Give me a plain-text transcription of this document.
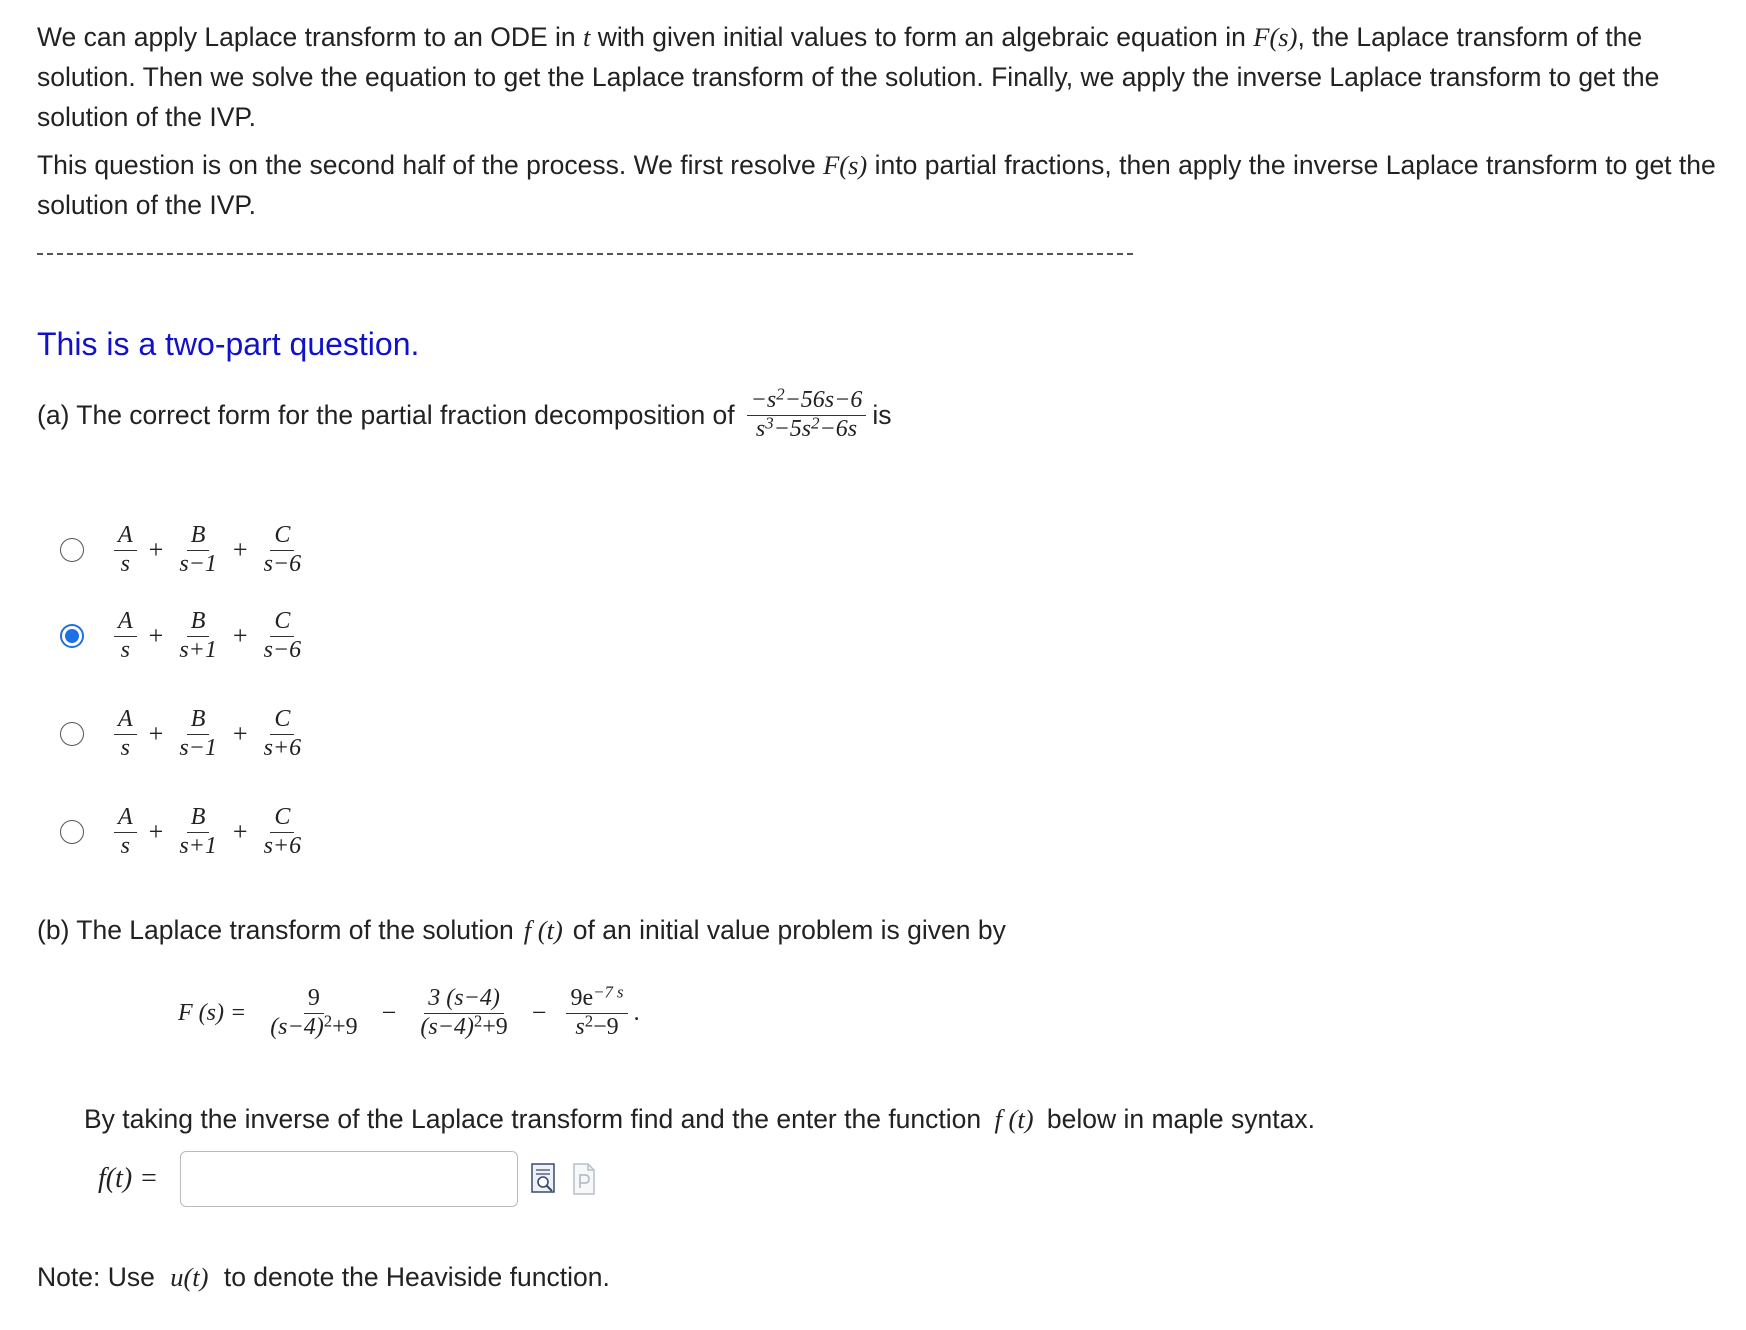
We can apply Laplace transform to an ODE in t with given initial values to form an algebraic equation in F(s), the Laplace transform of the solution. Then we solve the equation to get the Laplace transform of the solution. Finally, we apply the inverse Laplace transform to get the solution of the IVP.
This question is on the second half of the process. We first resolve F(s) into partial fractions, then apply the inverse Laplace transform to get the solution of the IVP.
This is a two-part question.
(a) The correct form for the partial fraction decomposition of $\frac{-s^2-56s-6}{s^3-5s^2-6s}$ is
$\frac{A}{s} + \frac{B}{s-1} + \frac{C}{s-6}$
$\frac{A}{s} + \frac{B}{s+1} + \frac{C}{s-6}$
$\frac{A}{s} + \frac{B}{s-1} + \frac{C}{s+6}$
$\frac{A}{s} + \frac{B}{s+1} + \frac{C}{s+6}$
(b) The Laplace transform of the solution f (t) of an initial value problem is given by
F $(s) = \frac{9}{(s-4)^2+9} - \frac{3 (s-4)}{(s-4)^2+9} - \frac{9e^{-7 s}}{s^2-9}$ .
By taking the inverse of the Laplace transform find and the enter the function f (t) below in maple syntax.
f(t) =
Note: Use u(t) to denote the Heaviside function.
